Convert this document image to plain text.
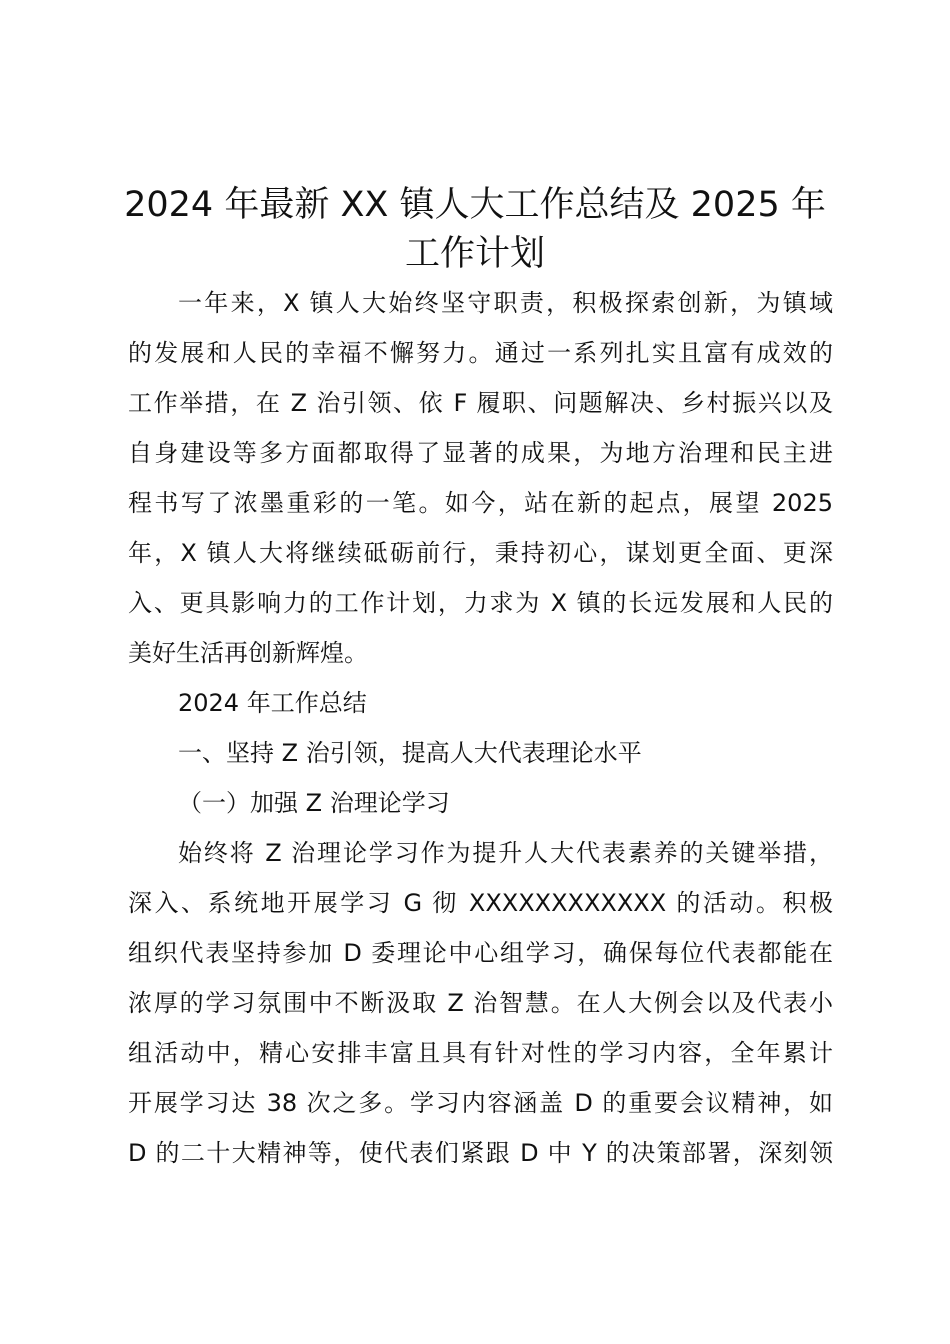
2024 年最新 XX 镇人大工作总结及 2025 年
工作计划
一年来，X 镇人大始终坚守职责，积极探索创新，为镇域
的发展和人民的幸福不懈努力。通过一系列扎实且富有成效的
工作举措，在 Z 治引领、依 F 履职、问题解决、乡村振兴以及
自身建设等多方面都取得了显著的成果，为地方治理和民主进
程书写了浓墨重彩的一笔。如今，站在新的起点，展望 2025
年，X 镇人大将继续砥砺前行，秉持初心，谋划更全面、更深
入、更具影响力的工作计划，力求为 X 镇的长远发展和人民的
美好生活再创新辉煌。
2024 年工作总结
一、坚持 Z 治引领，提高人大代表理论水平
（一）加强 Z 治理论学习
始终将 Z 治理论学习作为提升人大代表素养的关键举措，
深入、系统地开展学习 G 彻 XXXXXXXXXXXX 的活动。积极
组织代表坚持参加 D 委理论中心组学习，确保每位代表都能在
浓厚的学习氛围中不断汲取 Z 治智慧。在人大例会以及代表小
组活动中，精心安排丰富且具有针对性的学习内容，全年累计
开展学习达 38 次之多。学习内容涵盖 D 的重要会议精神，如
D 的二十大精神等，使代表们紧跟 D 中 Y 的决策部署，深刻领
